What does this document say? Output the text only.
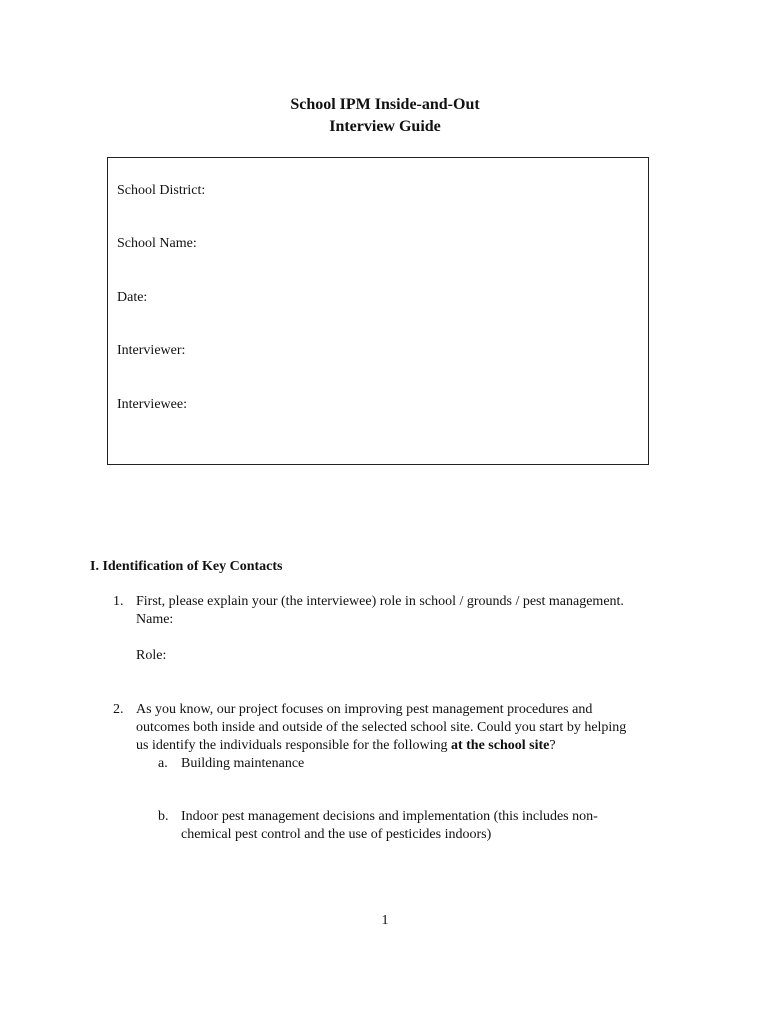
School IPM Inside-and-Out
Interview Guide
School District:
School Name:
Date:
Interviewer:
Interviewee:
I. Identification of Key Contacts
1. First, please explain your (the interviewee) role in school / grounds / pest management.
Name:
Role:
2. As you know, our project focuses on improving pest management procedures and
outcomes both inside and outside of the selected school site. Could you start by helping
us identify the individuals responsible for the following at the school site?
a. Building maintenance
b. Indoor pest management decisions and implementation (this includes non-
chemical pest control and the use of pesticides indoors)
1
